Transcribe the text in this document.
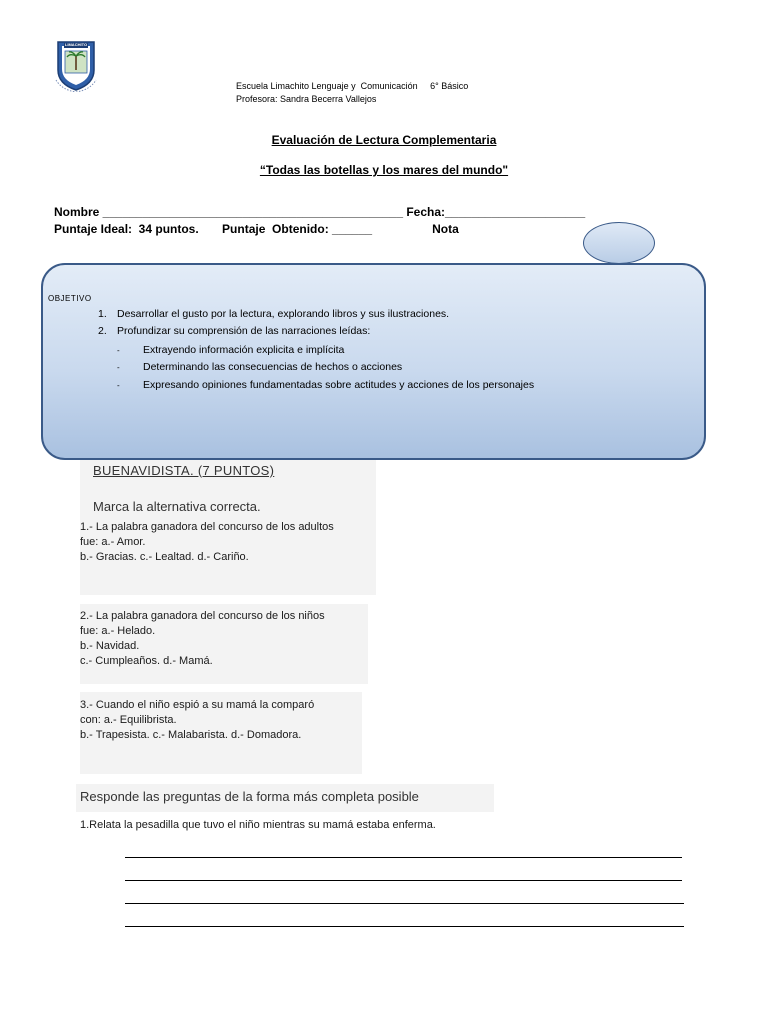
LIMACHITO
Escuela Limachito Lenguaje y  Comunicación     6° Básico
Profesora: Sandra Becerra Vallejos
Evaluación de Lectura Complementaria
“Todas las botellas y los mares del mundo"
Nombre _____________________________________________ Fecha:_____________________
Puntaje Ideal:  34 puntos.       Puntaje  Obtenido: ______                  Nota
OBJETIVO
1. Desarrollar el gusto por la lectura, explorando libros y sus ilustraciones.
2. Profundizar su comprensión de las narraciones leídas:
- Extrayendo información explicita e implícita
- Determinando las consecuencias de hechos o acciones
- Expresando opiniones fundamentadas sobre actitudes y acciones de los personajes
BUENAVIDISTA. (7 PUNTOS)
Marca la alternativa correcta.
1.- La palabra ganadora del concurso de los adultos
fue: a.- Amor.
b.- Gracias. c.- Lealtad. d.- Cariño.
2.- La palabra ganadora del concurso de los niños
fue: a.- Helado.
b.- Navidad.
c.- Cumpleaños. d.- Mamá.
3.- Cuando el niño espió a su mamá la comparó
con: a.- Equilibrista.
b.- Trapesista. c.- Malabarista. d.- Domadora.
Responde las preguntas de la forma más completa posible
1.Relata la pesadilla que tuvo el niño mientras su mamá estaba enferma.
